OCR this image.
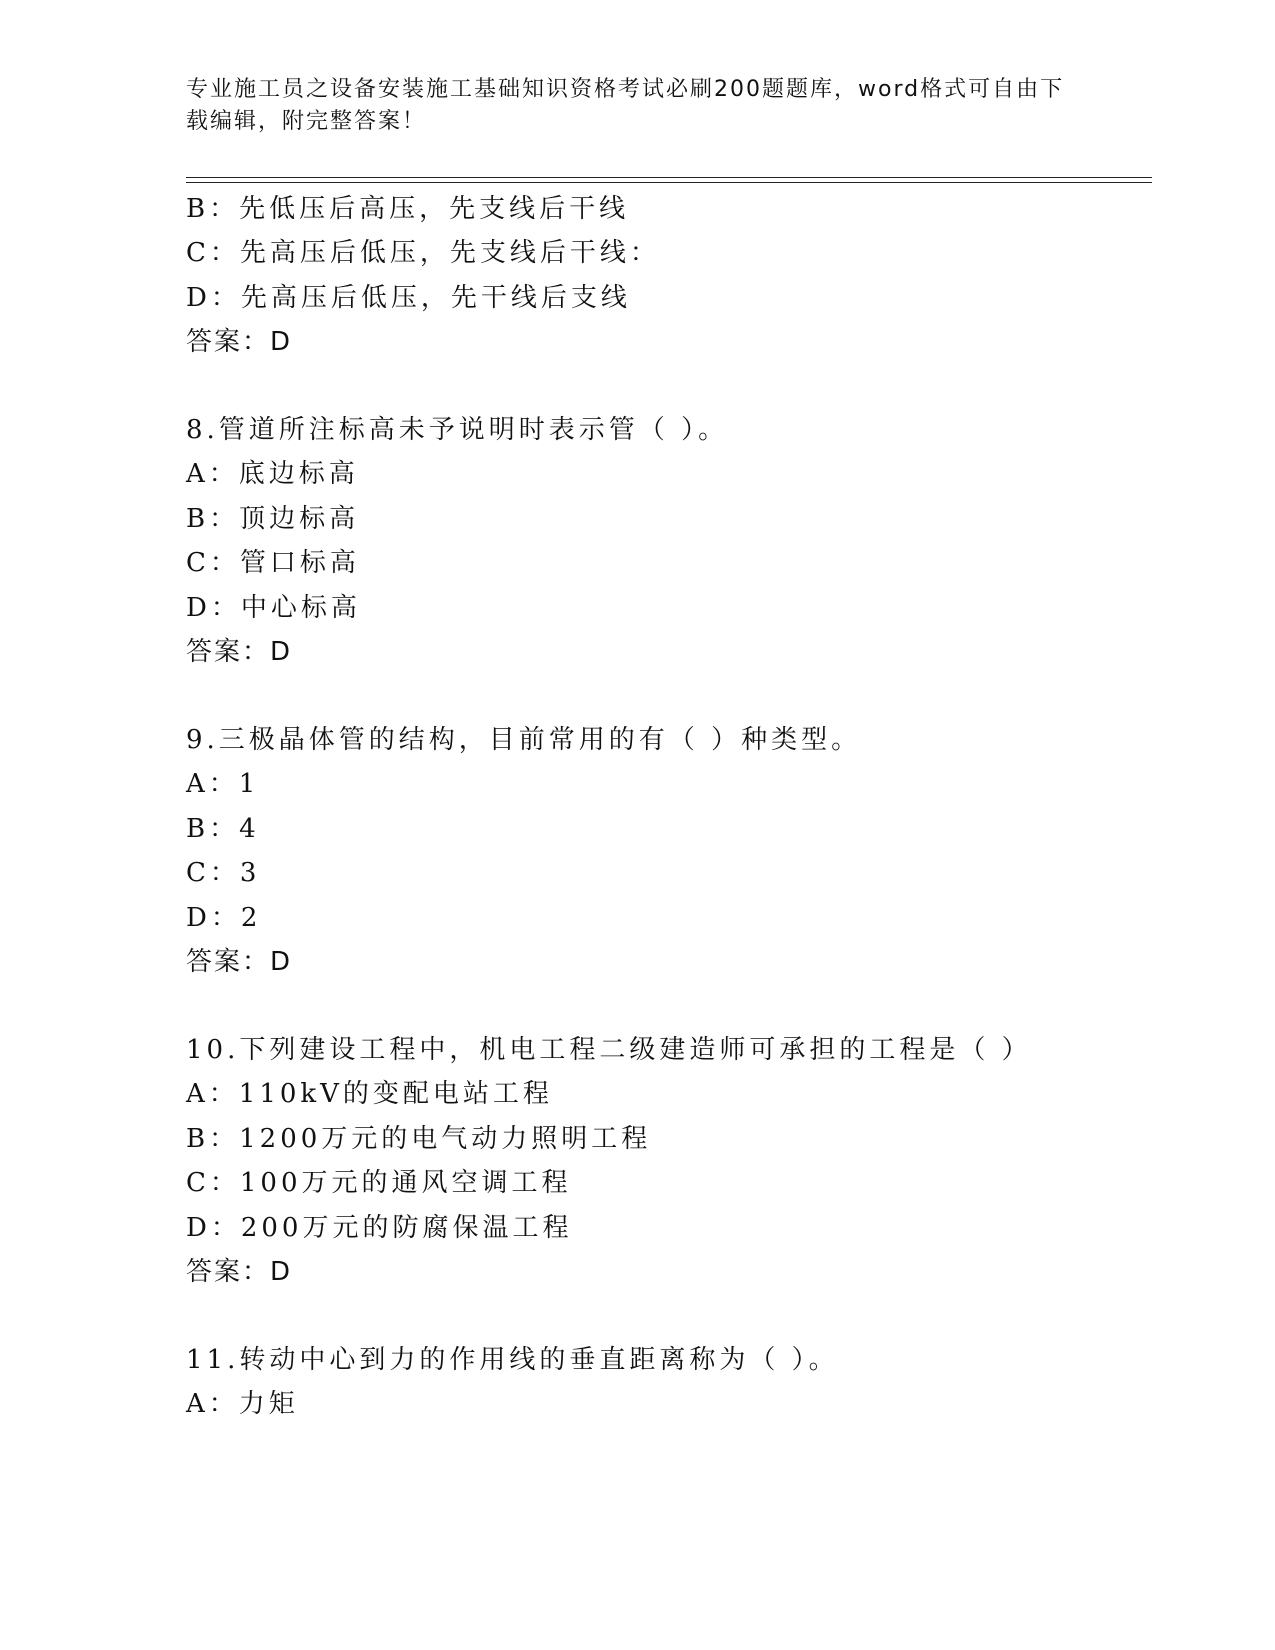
专业施工员之设备安装施工基础知识资格考试必刷200题题库，word格式可自由下载编辑，附完整答案！
B：先低压后高压，先支线后干线
C：先高压后低压，先支线后干线：
D：先高压后低压，先干线后支线
答案：D
8.管道所注标高未予说明时表示管（ ）。
A：底边标高
B：顶边标高
C：管口标高
D：中心标高
答案：D
9.三极晶体管的结构，目前常用的有（ ）种类型。
A：1
B：4
C：3
D：2
答案：D
10.下列建设工程中，机电工程二级建造师可承担的工程是（ ）
A：110kV的变配电站工程
B：1200万元的电气动力照明工程
C：100万元的通风空调工程
D：200万元的防腐保温工程
答案：D
11.转动中心到力的作用线的垂直距离称为（ ）。
A：力矩
